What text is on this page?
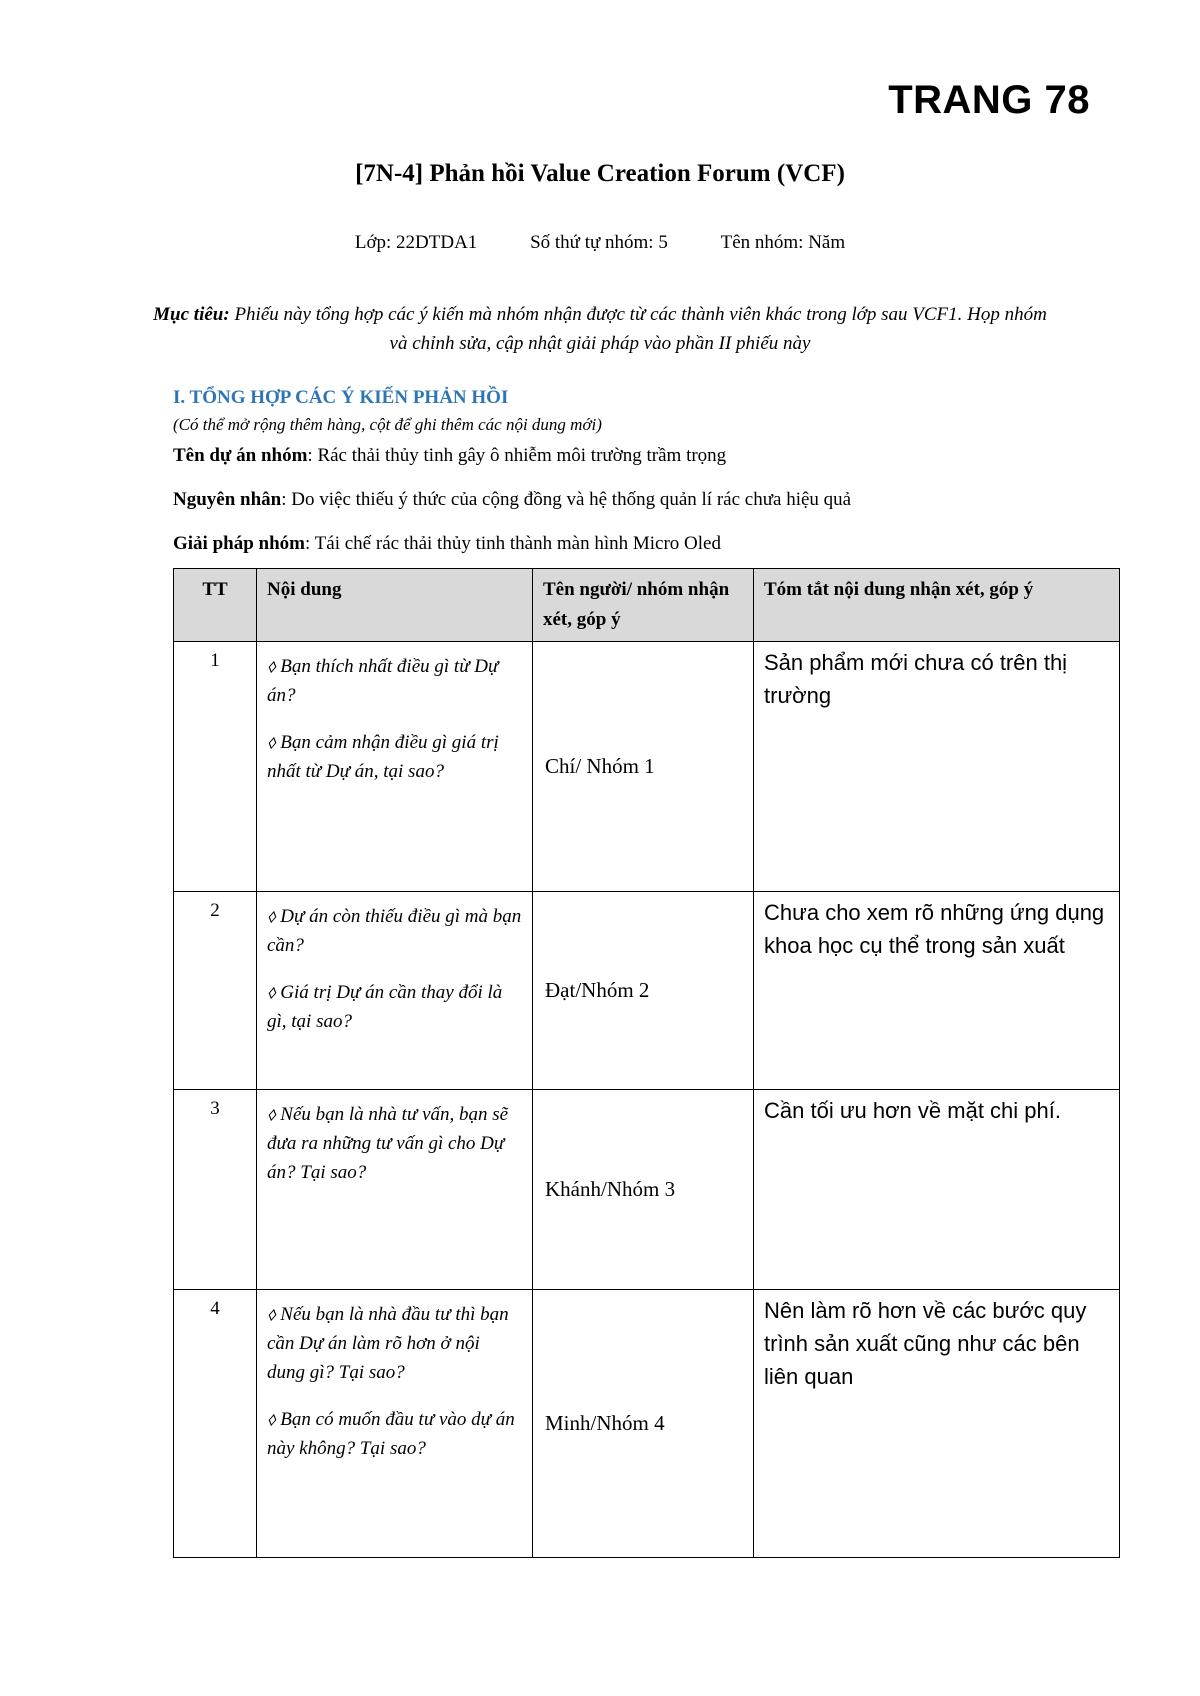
TRANG 78
[7N-4] Phản hồi Value Creation Forum (VCF)
Lớp: 22DTDA1	Số thứ tự nhóm: 5	Tên nhóm: Năm
Mục tiêu: Phiếu này tổng hợp các ý kiến mà nhóm nhận được từ các thành viên khác trong lớp sau VCF1. Họp nhóm và chỉnh sửa, cập nhật giải pháp vào phần II phiếu này
I. TỔNG HỢP CÁC Ý KIẾN PHẢN HỒI
(Có thể mở rộng thêm hàng, cột để ghi thêm các nội dung mới)
Tên dự án nhóm: Rác thải thủy tinh gây ô nhiễm môi trường trầm trọng
Nguyên nhân: Do việc thiếu ý thức của cộng đồng và hệ thống quản lí rác chưa hiệu quả
Giải pháp nhóm: Tái chế rác thải thủy tinh thành màn hình Micro Oled
TT	Nội dung	Tên người/ nhóm nhận xét, góp ý	Tóm tắt nội dung nhận xét, góp ý
1	⬨ Bạn thích nhất điều gì từ Dự án?

⬨ Bạn cảm nhận điều gì giá trị nhất từ Dự án, tại sao?	Chí/ Nhóm 1	Sản phẩm mới chưa có trên thị trường
2	⬨ Dự án còn thiếu điều gì mà bạn cần?

⬨ Giá trị Dự án cần thay đổi là gì, tại sao?	Đạt/Nhóm 2	Chưa cho xem rõ những ứng dụng khoa học cụ thể trong sản xuất
3	⬨ Nếu bạn là nhà tư vấn, bạn sẽ đưa ra những tư vấn gì cho Dự án? Tại sao?	Khánh/Nhóm 3	Cần tối ưu hơn về mặt chi phí.
4	⬨ Nếu bạn là nhà đầu tư thì bạn cần Dự án làm rõ hơn ở nội dung gì? Tại sao?

⬨ Bạn có muốn đầu tư vào dự án này không? Tại sao?	Minh/Nhóm 4	Nên làm rõ hơn về các bước quy trình sản xuất cũng như các bên liên quan
